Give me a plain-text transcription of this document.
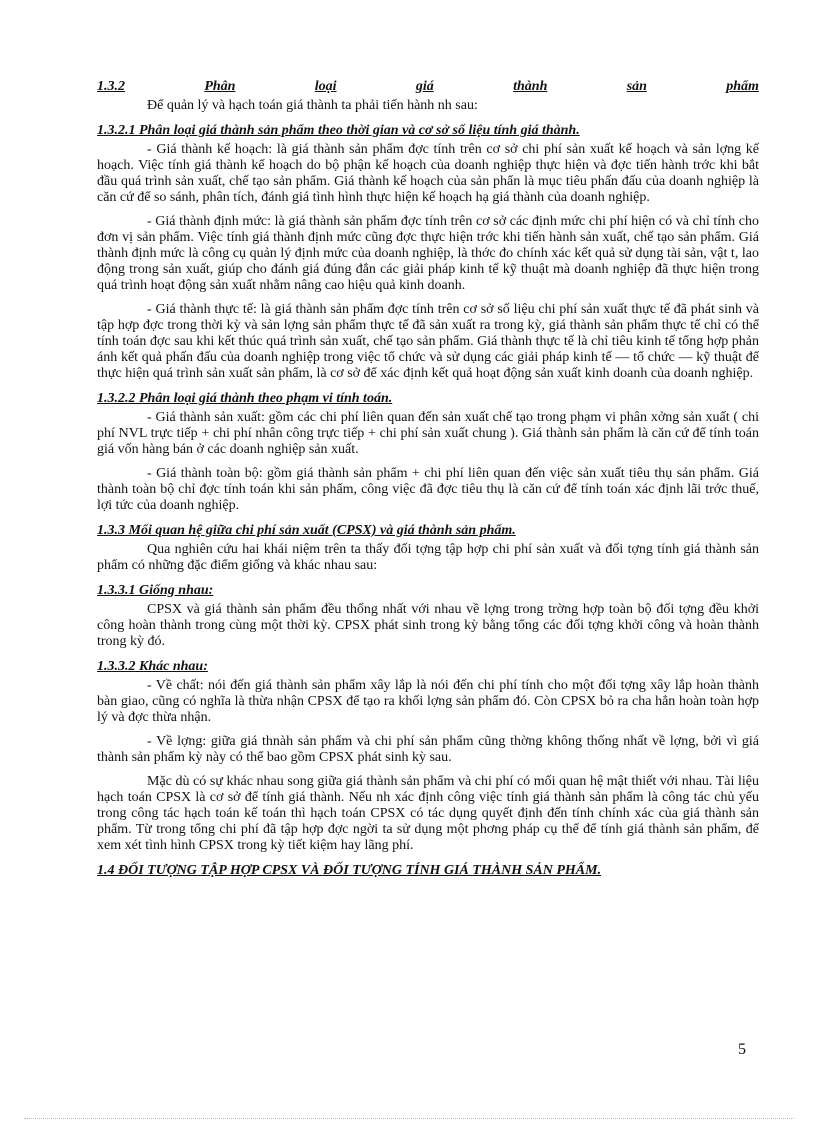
1.3.2	Phân	loại	giá	thành	sản	phẩm

Để quản lý và hạch toán giá thành ta phải tiến hành nh sau:

1.3.2.1 Phân loại giá thành sản phẩm theo thời gian và cơ sở số liệu tính giá thành.

- Giá thành kế hoạch: là giá thành sản phẩm đợc tính trên cơ sở chi phí sản xuất kế hoạch và sản lợng kế hoạch. Việc tính giá thành kế hoạch do bộ phận kế hoạch của doanh nghiệp thực hiện và đợc tiến hành trớc khi bắt đầu quá trình sản xuất, chế tạo sản phẩm. Giá thành kế hoạch của sản phẩn là mục tiêu phấn đấu của doanh nghiệp là căn cứ để so sánh, phân tích, đánh giá tình hình thực hiện kế hoạch hạ giá thành của doanh nghiệp.

- Giá thành định mức: là giá thành sản phẩm đợc tính trên cơ sở các định mức chi phí hiện có và chỉ tính cho đơn vị sản phẩm. Việc tính giá thành định mức cũng đợc thực hiện trớc khi tiến hành sản xuất, chế tạo sản phẩm. Giá thành định mức là công cụ quản lý định mức của doanh nghiệp, là thớc đo chính xác kết quả sử dụng tài sản, vật t, lao động trong sản xuất, giúp cho đánh giá đúng đắn các giải pháp kinh tế kỹ thuật mà doanh nghiệp đã thực hiện trong quá trình hoạt động sản xuất nhằm nâng cao hiệu quả kinh doanh.

- Giá thành thực tế: là giá thành sản phẩm đợc tính trên cơ sở số liệu chi phí sản xuất thực tế đã phát sinh và tập hợp đợc trong thời kỳ và sản lợng sản phẩm thực tế đã sản xuất ra trong kỳ, giá thành sản phẩm thực tế chỉ có thể tính toán đợc sau khi kết thúc quá trình sản xuất, chế tạo sản phẩm. Giá thành thực tế là chỉ tiêu kinh tế tổng hợp phản ánh kết quả phấn đấu của doanh nghiệp trong việc tổ chức và sử dụng các giải pháp kinh tế — tổ chức — kỹ thuật để thực hiện quá trình sản xuất sản phẩm, là cơ sở để xác định kết quả hoạt động sản xuất kinh doanh của doanh nghiệp.

1.3.2.2 Phân loại giá thành theo phạm vi tính toán.

- Giá thành sản xuất: gồm các chi phí liên quan đến sản xuất chế tạo trong phạm vi phân xởng sản xuất ( chi phí NVL trực tiếp + chi phí nhân công trực tiếp + chi phí sản xuất chung ). Giá thành sản phẩm là căn cứ để tính toán giá vốn hàng bán ở các doanh nghiệp sản xuất.

- Giá thành toàn bộ: gồm giá thành sản phẩm + chi phí liên quan đến việc sản xuất tiêu thụ sản phẩm. Giá thành toàn bộ chỉ đợc tính toán khi sản phẩm, công việc đã đợc tiêu thụ là căn cứ để tính toán xác định lãi trớc thuế, lợi tức của doanh nghiệp.

1.3.3 Mối quan hệ giữa chi phí sản xuất (CPSX) và giá thành sản phẩm.

Qua nghiên cứu hai khái niệm trên ta thấy đối tợng tập hợp chi phí sản xuất và đối tợng tính giá thành sản phẩm có những đặc điểm giống và khác nhau sau:

1.3.3.1 Giống nhau:

CPSX và giá thành sản phẩm đều thống nhất với nhau về lợng trong trờng hợp toàn bộ đối tợng đều khởi công hoàn thành trong cùng một thời kỳ. CPSX phát sinh trong kỳ bằng tổng các đối tợng khởi công và hoàn thành trong kỳ đó.

1.3.3.2 Khác nhau:

- Về chất: nói đến giá thành sản phẩm xây lắp là nói đến chi phí tính cho một đối tợng xây lắp hoàn thành bàn giao, cũng có nghĩa là thừa nhận CPSX để tạo ra khối lợng sản phẩm đó. Còn CPSX bỏ ra cha hẳn hoàn toàn hợp lý và đợc thừa nhận.

- Về lợng: giữa giá thnàh sản phẩm và chi phí sản phẩm cũng thờng không thống nhất về lợng, bởi vì giá thành sản phẩm kỳ này có thể bao gồm CPSX phát sinh kỳ sau.

Mặc dù có sự khác nhau song giữa giá thành sản phẩm và chi phí có mối quan hệ mật thiết với nhau. Tài liệu hạch toán CPSX là cơ sở để tính giá thành. Nếu nh xác định công việc tính giá thành sản phẩm là công tác chủ yếu trong công tác hạch toán kế toán thì hạch toán CPSX có tác dụng quyết định đến tính chính xác của giá thành sản phẩm. Từ trong tổng chi phí đã tập hợp đợc ngời ta sử dụng một phơng pháp cụ thể để tính giá thành sản phẩm, để xem xét tình hình CPSX trong kỳ tiết kiệm hay lãng phí.

1.4 ĐỐI TƯỢNG TẬP HỢP CPSX VÀ ĐỐI TƯỢNG TÍNH GIÁ THÀNH SẢN PHẨM.
5
